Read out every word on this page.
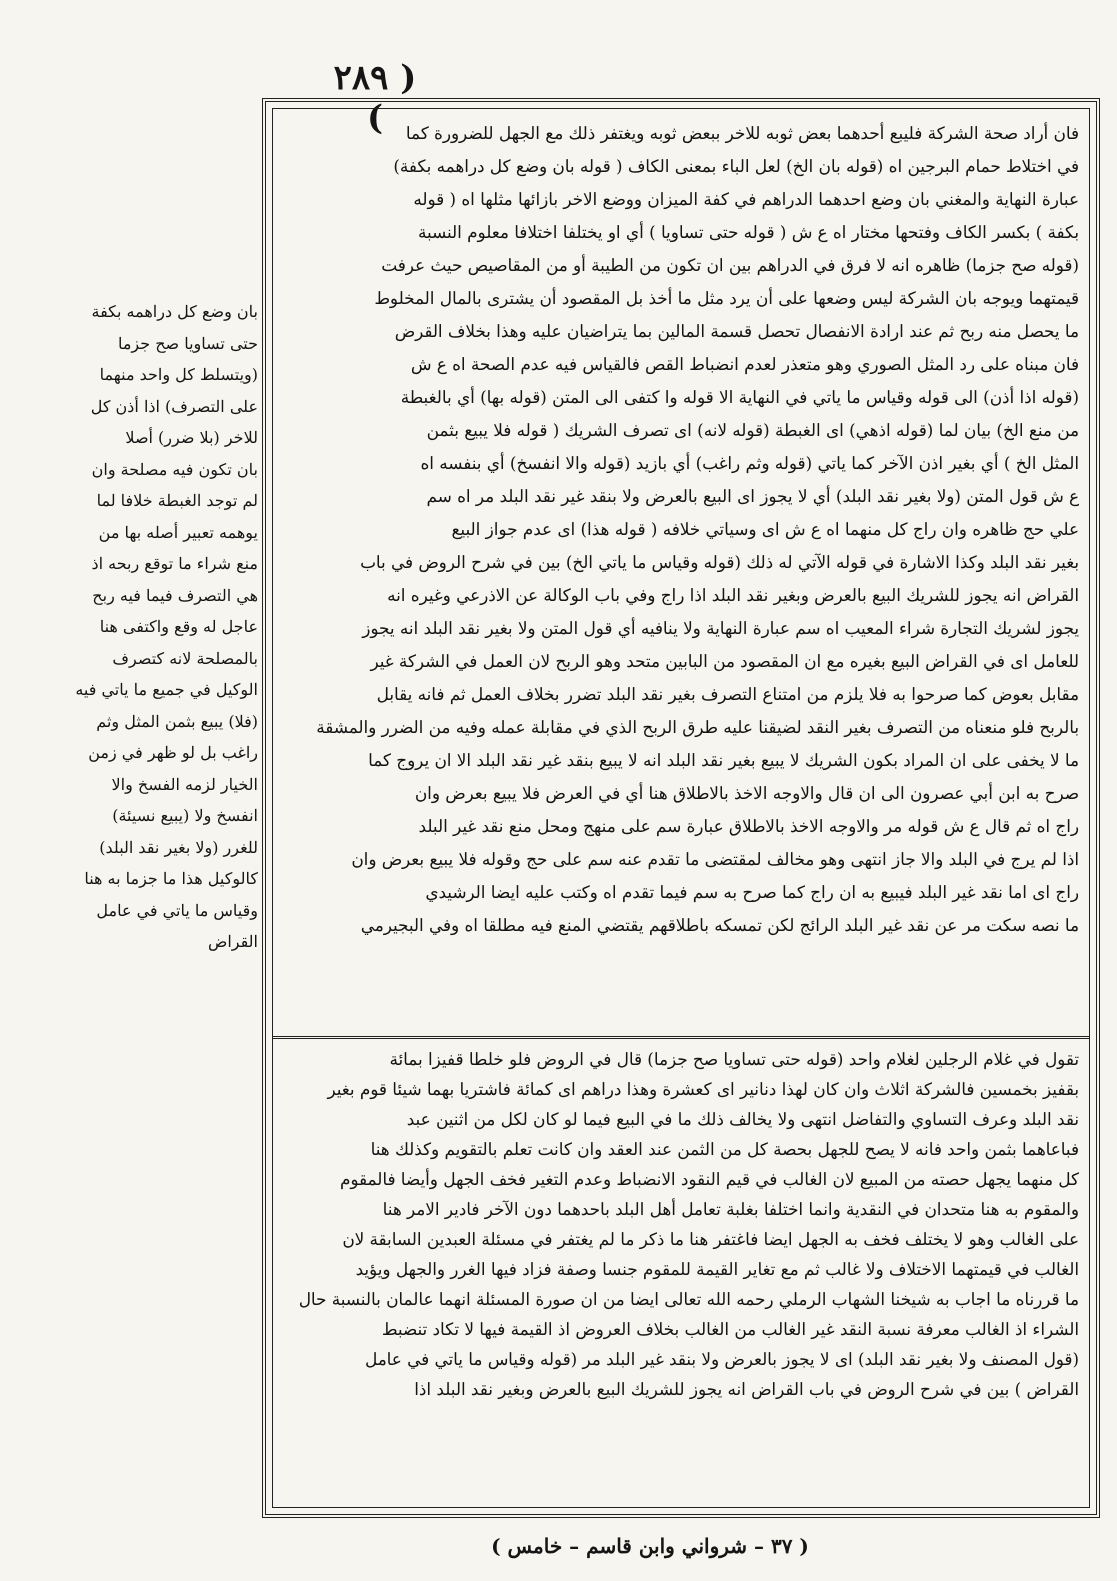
( ٢٨٩ )

بان وضع كل دراهمه بكفة

حتى تساويا صح جزما

(ويتسلط كل واحد منهما

على التصرف) اذا أذن كل

للاخر (بلا ضرر) أصلا

بان تكون فيه مصلحة وان

لم توجد الغبطة خلافا لما

يوهمه تعبير أصله بها من

منع شراء ما توقع ربحه اذ

هي التصرف فيما فيه ربح

عاجل له وقع واكتفى هنا

بالمصلحة لانه كتصرف

الوكيل في جميع ما ياتي فيه

(فلا) يبيع بثمن المثل وثم

راغب بل لو ظهر في زمن

الخيار لزمه الفسخ والا

انفسخ ولا (يبيع نسيئة)

للغرر (ولا بغير نقد البلد)

كالوكيل هذا ما جزما به هنا

وقياس ما ياتي في عامل

القراض

فان أراد صحة الشركة فليبع أحدهما بعض ثوبه للاخر ببعض ثوبه ويغتفر ذلك مع الجهل للضرورة كما

في اختلاط حمام البرجين اه (قوله بان الخ) لعل الباء بمعنى الكاف ( قوله بان وضع كل دراهمه بكفة)

عبارة النهاية والمغني بان وضع احدهما الدراهم في كفة الميزان ووضع الاخر بازائها مثلها اه ( قوله

بكفة ) بكسر الكاف وفتحها مختار اه ع ش ( قوله حتى تساويا ) أي او يختلفا اختلافا معلوم النسبة

(قوله صح جزما) ظاهره انه لا فرق في الدراهم بين ان تكون من الطيبة أو من المقاصيص حيث عرفت

قيمتهما ويوجه بان الشركة ليس وضعها على أن يرد مثل ما أخذ بل المقصود أن يشترى بالمال المخلوط

ما يحصل منه ربح ثم عند ارادة الانفصال تحصل قسمة المالين بما يتراضيان عليه وهذا بخلاف القرض

فان مبناه على رد المثل الصوري وهو متعذر لعدم انضباط القص فالقياس فيه عدم الصحة اه ع ش

(قوله اذا أذن) الى قوله وقياس ما ياتي في النهاية الا قوله وا كتفى الى المتن (قوله بها) أي بالغبطة

من منع الخ) بيان لما (قوله اذهي) اى الغبطة (قوله لانه) اى تصرف الشريك ( قوله فلا يبيع بثمن

المثل الخ ) أي بغير اذن الآخر كما ياتي (قوله وثم راغب) أي بازيد (قوله والا انفسخ) أي بنفسه اه

ع ش قول المتن (ولا بغير نقد البلد) أي لا يجوز اى البيع بالعرض ولا بنقد غير نقد البلد مر اه سم

علي حج ظاهره وان راج كل منهما اه ع ش اى وسياتي خلافه ( قوله هذا) اى عدم جواز البيع

بغير نقد البلد وكذا الاشارة في قوله الآتي له ذلك (قوله وقياس ما ياتي الخ) بين في شرح الروض في باب

القراض انه يجوز للشريك البيع بالعرض وبغير نقد البلد اذا راج وفي باب الوكالة عن الاذرعي وغيره انه

يجوز لشريك التجارة شراء المعيب اه سم عبارة النهاية ولا ينافيه أي قول المتن ولا بغير نقد البلد انه يجوز

للعامل اى في القراض البيع بغيره مع ان المقصود من البابين متحد وهو الربح لان العمل في الشركة غير

مقابل بعوض كما صرحوا به فلا يلزم من امتناع التصرف بغير نقد البلد تضرر بخلاف العمل ثم فانه يقابل

بالربح فلو منعناه من التصرف بغير النقد لضيقنا عليه طرق الربح الذي في مقابلة عمله وفيه من الضرر والمشقة

ما لا يخفى على ان المراد بكون الشريك لا يبيع بغير نقد البلد انه لا يبيع بنقد غير نقد البلد الا ان يروج كما

صرح به ابن أبي عصرون الى ان قال والاوجه الاخذ بالاطلاق هنا أي في العرض فلا يبيع بعرض وان

راج اه ثم قال ع ش قوله مر والاوجه الاخذ بالاطلاق عبارة سم على منهج ومحل منع نقد غير البلد

اذا لم يرج في البلد والا جاز انتهى وهو مخالف لمقتضى ما تقدم عنه سم على حج وقوله فلا يبيع بعرض وان

راج اى اما نقد غير البلد فيبيع به ان راج كما صرح به سم فيما تقدم اه وكتب عليه ايضا الرشيدي

ما نصه سكت مر عن نقد غير البلد الرائج لكن تمسكه باطلاقهم يقتضي المنع فيه مطلقا اه وفي البجيرمي

تقول في غلام الرجلين لغلام واحد (قوله حتى تساويا صح جزما) قال في الروض فلو خلطا قفيزا بمائة

بقفيز بخمسين فالشركة اثلاث وان كان لهذا دنانير اى كعشرة وهذا دراهم اى كمائة فاشتريا بهما شيئا قوم بغير

نقد البلد وعرف التساوي والتفاضل انتهى ولا يخالف ذلك ما في البيع فيما لو كان لكل من اثنين عبد

فباعاهما بثمن واحد فانه لا يصح للجهل بحصة كل من الثمن عند العقد وان كانت تعلم بالتقويم وكذلك هنا

كل منهما يجهل حصته من المبيع لان الغالب في قيم النقود الانضباط وعدم التغير فخف الجهل وأيضا فالمقوم

والمقوم به هنا متحدان في النقدية وانما اختلفا بغلبة تعامل أهل البلد باحدهما دون الآخر فادير الامر هنا

على الغالب وهو لا يختلف فخف به الجهل ايضا فاغتفر هنا ما ذكر ما لم يغتفر في مسئلة العبدين السابقة لان

الغالب في قيمتهما الاختلاف ولا غالب ثم مع تغاير القيمة للمقوم جنسا وصفة فزاد فيها الغرر والجهل ويؤيد

ما قررناه ما اجاب به شيخنا الشهاب الرملي رحمه الله تعالى ايضا من ان صورة المسئلة انهما عالمان بالنسبة حال

الشراء اذ الغالب معرفة نسبة النقد غير الغالب من الغالب بخلاف العروض اذ القيمة فيها لا تكاد تنضبط

(قول المصنف ولا بغير نقد البلد) اى لا يجوز بالعرض ولا بنقد غير البلد مر (قوله وقياس ما ياتي في عامل

القراض ) بين في شرح الروض في باب القراض انه يجوز للشريك البيع بالعرض وبغير نقد البلد اذا

( ٣٧ – شرواني وابن قاسم – خامس )
